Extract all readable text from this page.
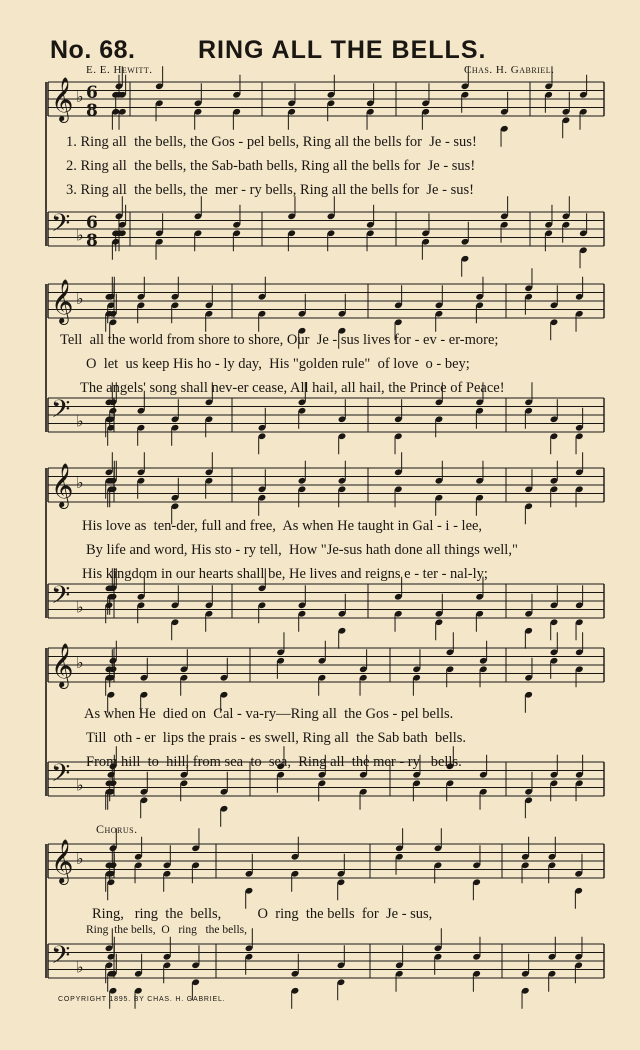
No. 68.	RING ALL THE BELLS.
E. E. Hewitt.	Chas. H. Gabriel.
𝄞 ♭ 6
8
𝄢 ♭
6
8
𝄞 ♭
𝄢 ♭
𝄞 ♭
𝄢 ♭
𝄞 ♭
𝄢 ♭
𝄞 ♭
𝄢 ♭
1. Ring all  the bells, the Gos - pel bells, Ring all the bells for  Je - sus!
2. Ring all  the bells, the Sab-bath bells, Ring all the bells for  Je - sus!
3. Ring all  the bells, the  mer - ry bells, Ring all the bells for  Je - sus!
Tell  all the world from shore to shore, Our  Je - sus lives for - ev - er-more;
O  let  us keep His ho - ly day,  His "golden rule"  of love  o - bey;
The angels' song shall nev-er cease, All hail, all hail, the Prince of Peace!
His love as  ten-der, full and free,  As when He taught in Gal - i - lee,
By life and word, His sto - ry tell,  How "Je-sus hath done all things well,"
His kingdom in our hearts shall be, He lives and reigns e - ter - nal-ly;
As when He  died on  Cal - va-ry—Ring all  the Gos - pel bells.
Till  oth - er  lips the prais - es swell, Ring all  the Sab bath  bells.
From hill  to  hill, from sea  to  sea,  Ring all  the mer - ry   bells.
Chorus.
Ring,   ring  the  bells,          O  ring  the bells  for  Je - sus,
Ring  the bells,  O   ring   the bells,
COPYRIGHT 1895. BY CHAS. H. GABRIEL.
